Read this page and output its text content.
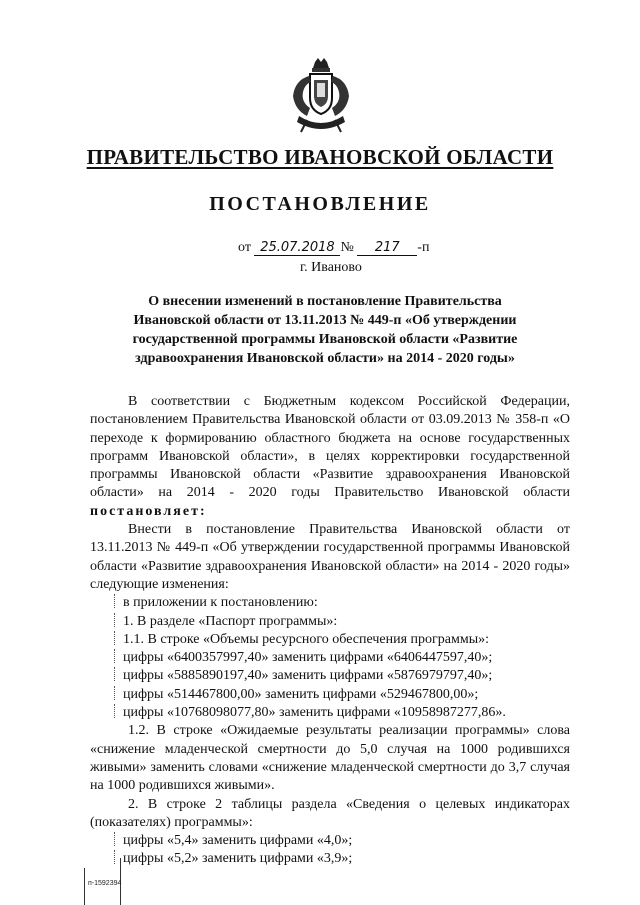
ПРАВИТЕЛЬСТВО ИВАНОВСКОЙ ОБЛАСТИ
ПОСТАНОВЛЕНИЕ
от 25.07.2018 № 217 -п
г. Иваново
О внесении изменений в постановление Правительства Ивановской области от 13.11.2013 № 449-п «Об утверждении государственной программы Ивановской области «Развитие здравоохранения Ивановской области» на 2014 - 2020 годы»

В соответствии с Бюджетным кодексом Российской Федерации, постановлением Правительства Ивановской области от 03.09.2013 № 358-п «О переходе к формированию областного бюджета на основе государственных программ Ивановской области», в целях корректировки государственной программы Ивановской области «Развитие здравоохранения Ивановской области» на 2014 - 2020 годы Правительство Ивановской области постановляет:

Внести в постановление Правительства Ивановской области от 13.11.2013 № 449-п «Об утверждении государственной программы Ивановской области «Развитие здравоохранения Ивановской области» на 2014 - 2020 годы» следующие изменения:

в приложении к постановлению:

1. В разделе «Паспорт программы»:

1.1. В строке «Объемы ресурсного обеспечения программы»:

цифры «6400357997,40» заменить цифрами «6406447597,40»;

цифры «5885890197,40» заменить цифрами «5876979797,40»;

цифры «514467800,00» заменить цифрами «529467800,00»;

цифры «10768098077,80» заменить цифрами «10958987277,86».

1.2. В строке «Ожидаемые результаты реализации программы» слова «снижение младенческой смертности до 5,0 случая на 1000 родившихся живыми» заменить словами «снижение младенческой смертности до 3,7 случая на 1000 родившихся живыми».

2. В строке 2 таблицы раздела «Сведения о целевых индикаторах (показателях) программы»:

цифры «5,4» заменить цифрами «4,0»;

цифры «5,2» заменить цифрами «3,9»;

п-1592394
